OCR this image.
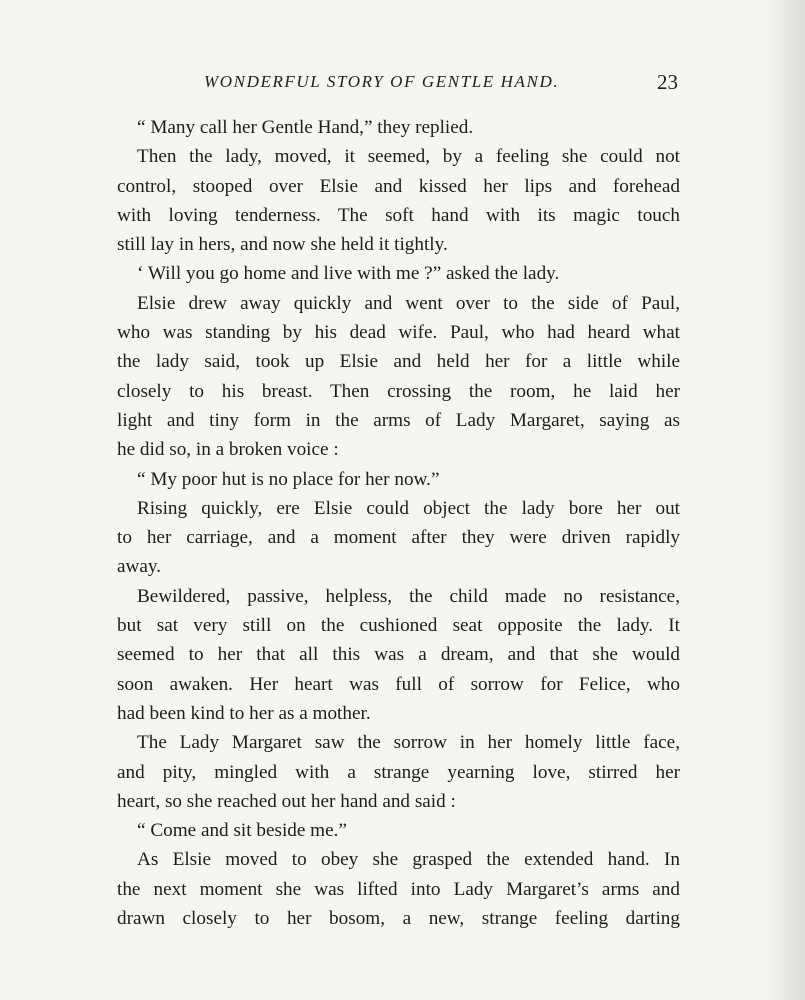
WONDERFUL STORY OF GENTLE HAND.	23
“ Many call her Gentle Hand,” they replied.
Then the lady, moved, it seemed, by a feeling she could not
control, stooped over Elsie and kissed her lips and forehead
with loving tenderness. The soft hand with its magic touch
still lay in hers, and now she held it tightly.
‘ Will you go home and live with me ?” asked the lady.
Elsie drew away quickly and went over to the side of Paul,
who was standing by his dead wife. Paul, who had heard what
the lady said, took up Elsie and held her for a little while
closely to his breast. Then crossing the room, he laid her
light and tiny form in the arms of Lady Margaret, saying as
he did so, in a broken voice :
“ My poor hut is no place for her now.”
Rising quickly, ere Elsie could object the lady bore her out
to her carriage, and a moment after they were driven rapidly
away.
Bewildered, passive, helpless, the child made no resistance,
but sat very still on the cushioned seat opposite the lady. It
seemed to her that all this was a dream, and that she would
soon awaken. Her heart was full of sorrow for Felice, who
had been kind to her as a mother.
The Lady Margaret saw the sorrow in her homely little face,
and pity, mingled with a strange yearning love, stirred her
heart, so she reached out her hand and said :
“ Come and sit beside me.”
As Elsie moved to obey she grasped the extended hand. In
the next moment she was lifted into Lady Margaret’s arms and
drawn closely to her bosom, a new, strange feeling darting
